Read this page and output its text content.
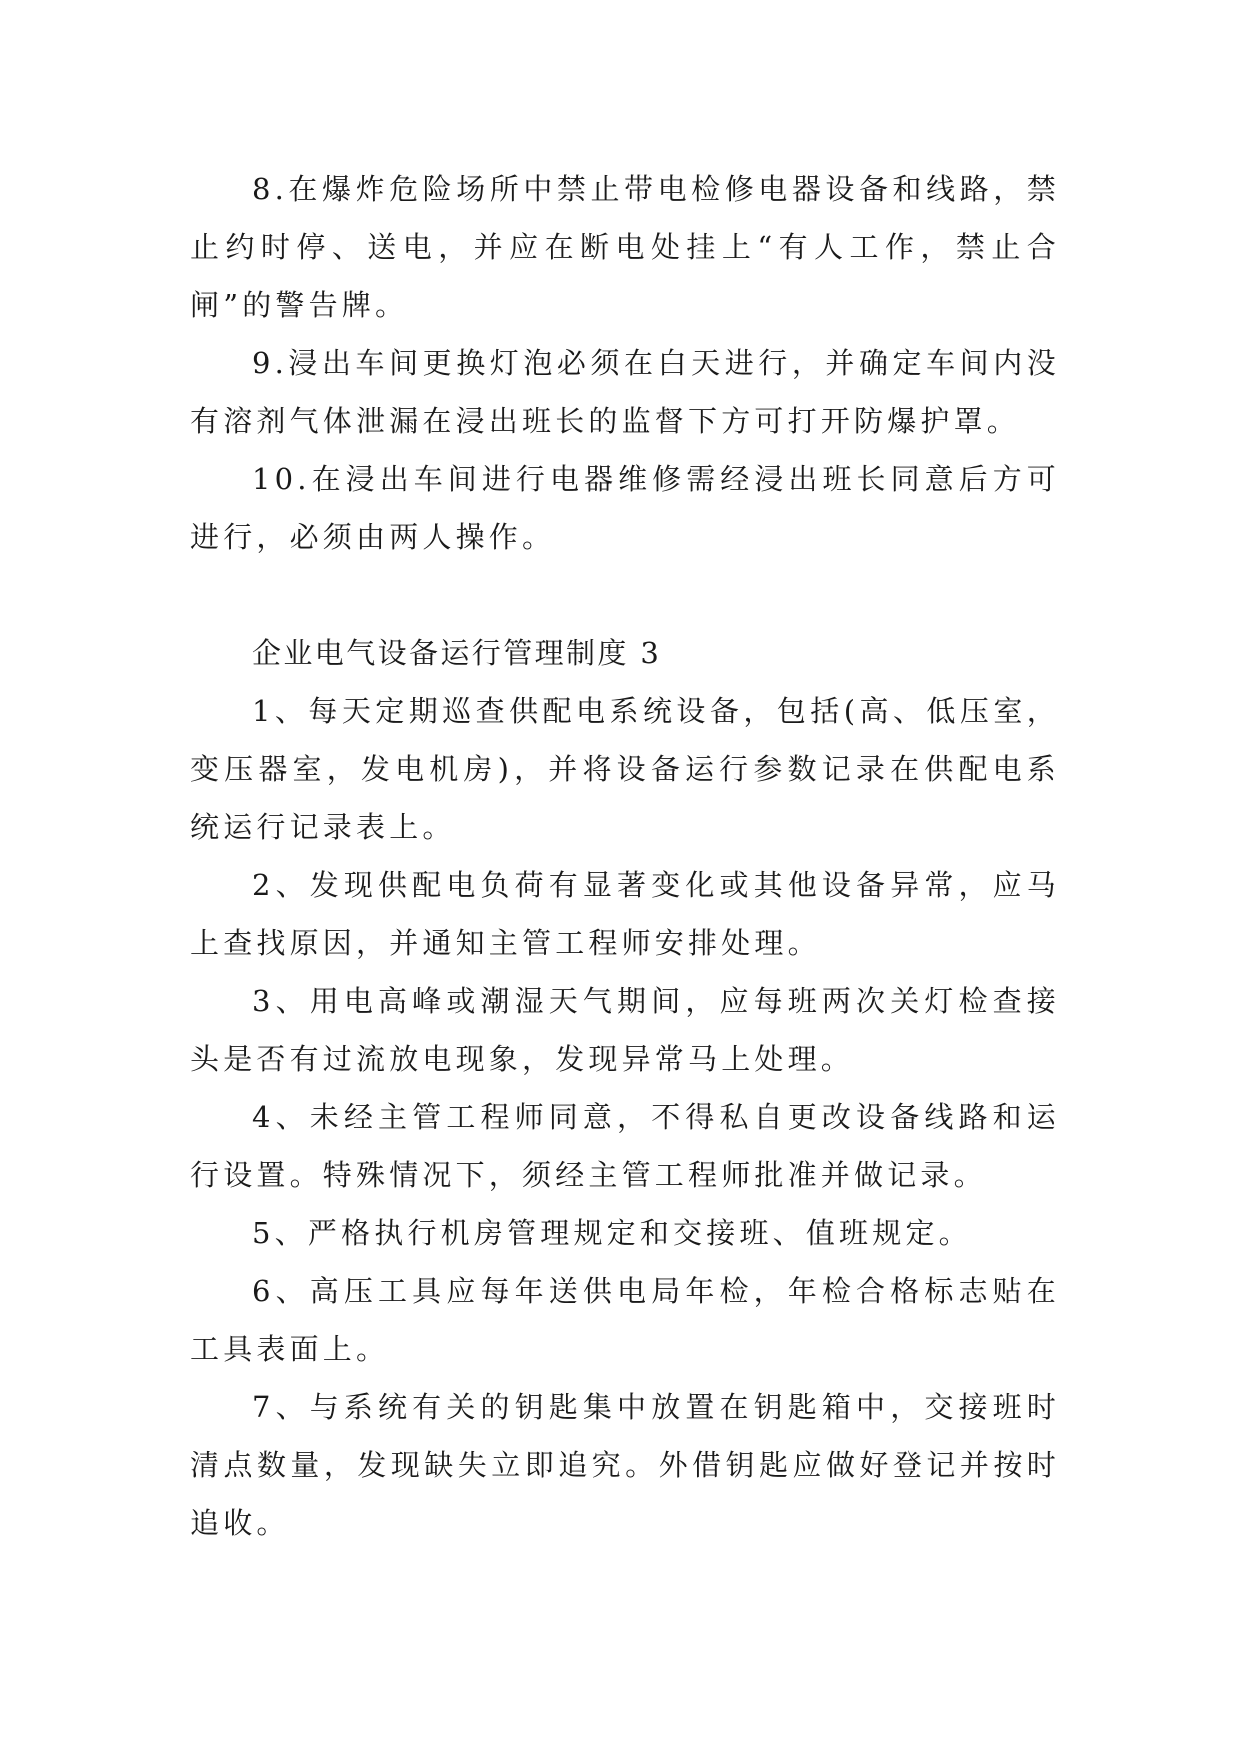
8.在爆炸危险场所中禁止带电检修电器设备和线路，禁止约时停、送电，并应在断电处挂上“有人工作，禁止合闸”的警告牌。

9.浸出车间更换灯泡必须在白天进行，并确定车间内没有溶剂气体泄漏在浸出班长的监督下方可打开防爆护罩。

10.在浸出车间进行电器维修需经浸出班长同意后方可进行，必须由两人操作。

企业电气设备运行管理制度 3

1、每天定期巡查供配电系统设备，包括(高、低压室，变压器室，发电机房)，并将设备运行参数记录在供配电系统运行记录表上。

2、发现供配电负荷有显著变化或其他设备异常，应马上查找原因，并通知主管工程师安排处理。

3、用电高峰或潮湿天气期间，应每班两次关灯检查接头是否有过流放电现象，发现异常马上处理。

4、未经主管工程师同意，不得私自更改设备线路和运行设置。特殊情况下，须经主管工程师批准并做记录。

5、严格执行机房管理规定和交接班、值班规定。

6、高压工具应每年送供电局年检，年检合格标志贴在工具表面上。

7、与系统有关的钥匙集中放置在钥匙箱中，交接班时清点数量，发现缺失立即追究。外借钥匙应做好登记并按时追收。
